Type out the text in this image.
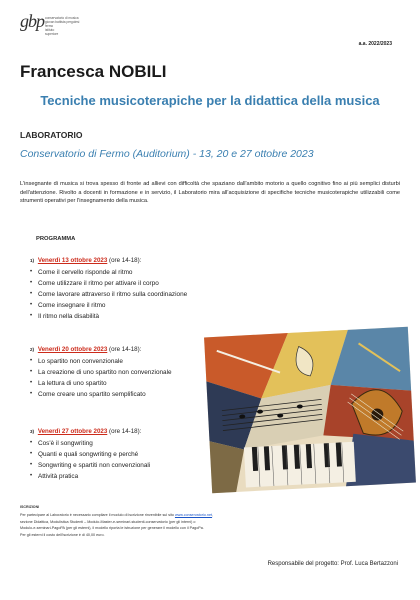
gbp conservatorio di musica
giovan battista pergolesi
fermo
istituto
superiore
a.a. 2022/2023
Francesca NOBILI
Tecniche musicoterapiche per la didattica della musica
LABORATORIO
Conservatorio di Fermo (Auditorium) - 13, 20 e 27 ottobre 2023

L'insegnante di musica si trova spesso di fronte ad allievi con difficoltà che spaziano dall'ambito motorio a quello cognitivo fino ai più semplici disturbi dell'attenzione. Rivolto a docenti in formazione e in servizio, il Laboratorio mira all'acquisizione di specifiche tecniche musicoterapiche utilizzabili come strumenti operativi per l'insegnamento della musica.

PROGRAMMA
1) Venerdì 13 ottobre 2023 (ore 14-18):
• Come il cervello risponde al ritmo
• Come utilizzare il ritmo per attivare il corpo
• Come lavorare attraverso il ritmo sulla coordinazione
• Come insegnare il ritmo
• Il ritmo nella disabilità
2) Venerdì 20 ottobre 2023 (ore 14-18):
• Lo spartito non convenzionale
• La creazione di uno spartito non convenzionale
• La lettura di uno spartito
• Come creare uno spartito semplificato
3) Venerdì 27 ottobre 2023 (ore 14-18):
• Cos'è il songwriting
• Quanti e quali songwriting e perché
• Songwriting e spartiti non convenzionali
• Attività pratica
ISCRIZIONI
Per partecipare al Laboratorio è necessario compilare il modulo di iscrizione rinvenibile sul sito www.conservatorio.net,
sezione Didattica, Modulistica Studenti – Modulo-Master-e-seminari-studenti-conservatorio (per gli interni) o
Modulo-e-seminari-PagoPA (per gli esterni), il modello riporta le istruzione per generare il modello con il PagoPa.
Per gli esterni il costo dell'iscrizione è di 40,00 euro.
Responsabile del progetto: Prof. Luca Bertazzoni
